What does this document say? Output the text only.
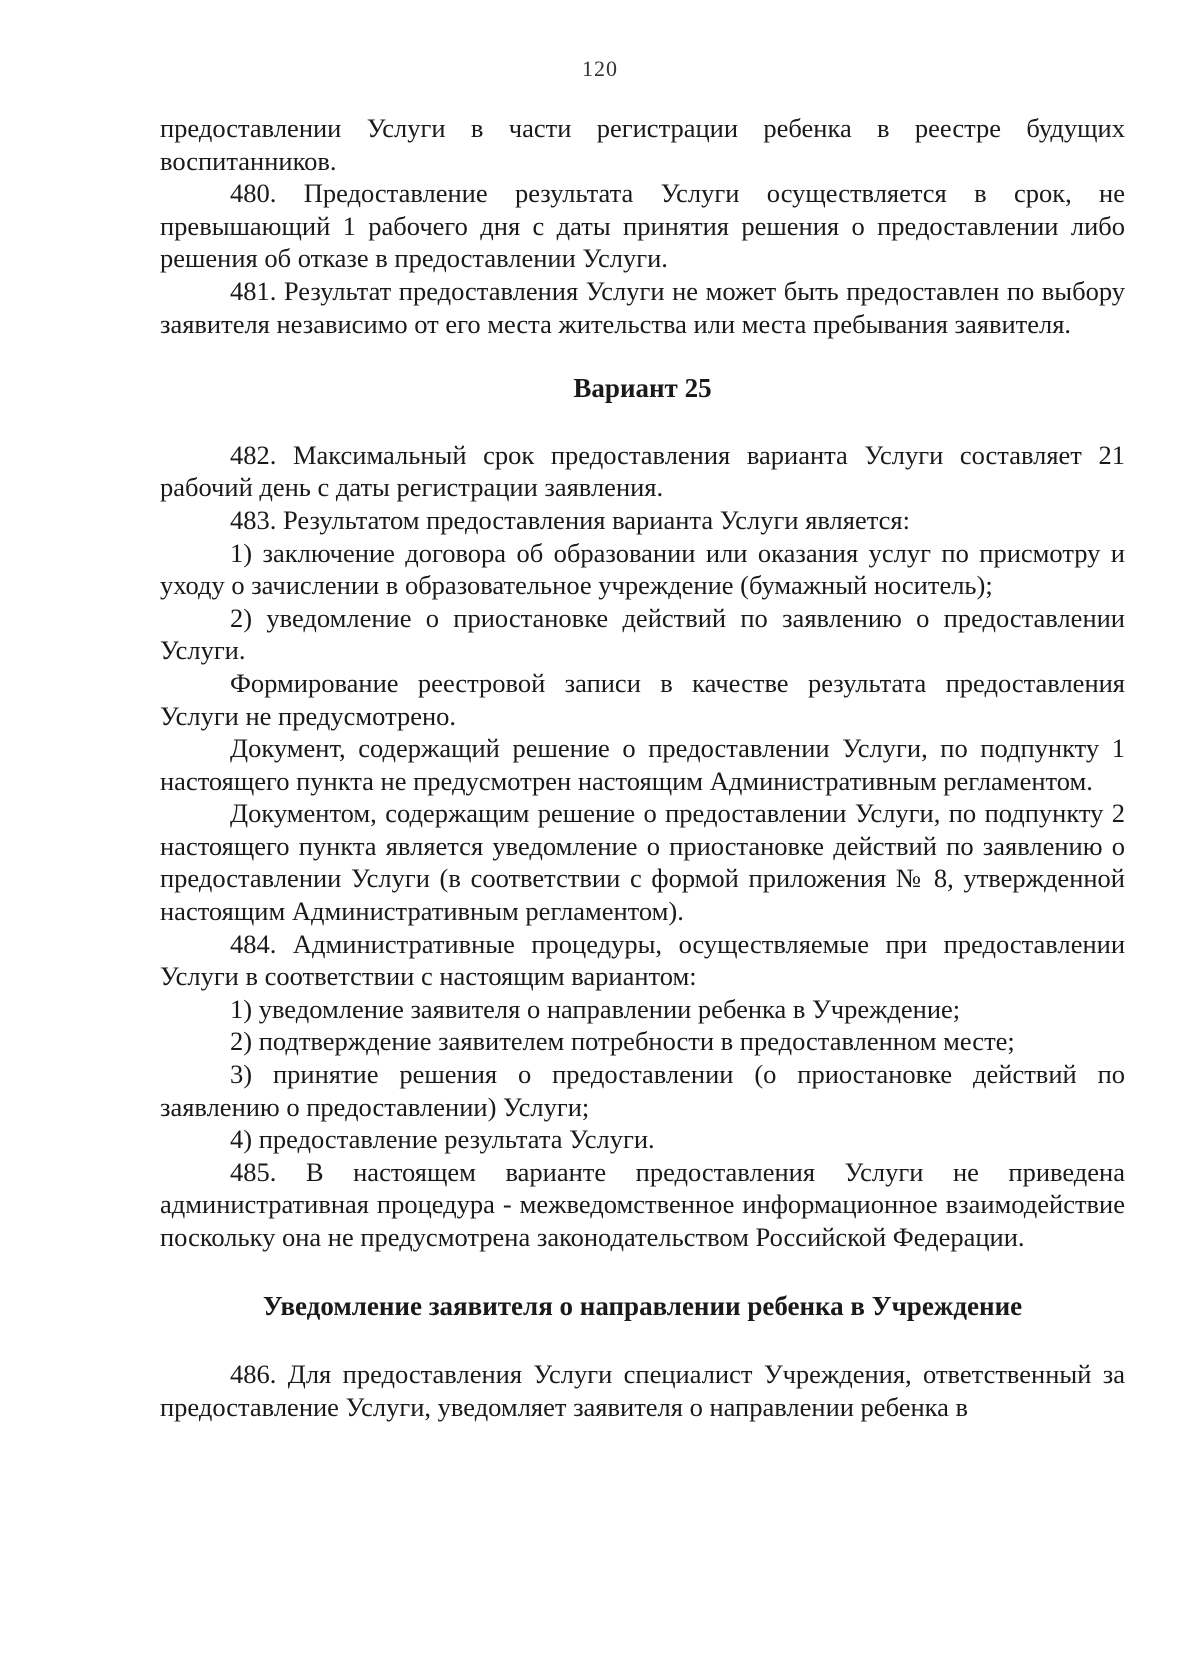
120

предоставлении Услуги в части регистрации ребенка в реестре будущих воспитанников.

480. Предоставление результата Услуги осуществляется в срок, не превышающий 1 рабочего дня с даты принятия решения о предоставлении либо решения об отказе в предоставлении Услуги.

481. Результат предоставления Услуги не может быть предоставлен по выбору заявителя независимо от его места жительства или места пребывания заявителя.

Вариант 25

482. Максимальный срок предоставления варианта Услуги составляет 21 рабочий день с даты регистрации заявления.

483. Результатом предоставления варианта Услуги является:

1) заключение договора об образовании или оказания услуг по присмотру и уходу о зачислении в образовательное учреждение (бумажный носитель);

2) уведомление о приостановке действий по заявлению о предоставлении Услуги.

Формирование реестровой записи в качестве результата предоставления Услуги не предусмотрено.

Документ, содержащий решение о предоставлении Услуги, по подпункту 1 настоящего пункта не предусмотрен настоящим Административным регламентом.

Документом, содержащим решение о предоставлении Услуги, по подпункту 2 настоящего пункта является уведомление о приостановке действий по заявлению о предоставлении Услуги (в соответствии с формой приложения № 8, утвержденной настоящим Административным регламентом).

484. Административные процедуры, осуществляемые при предоставлении Услуги в соответствии с настоящим вариантом:

1) уведомление заявителя о направлении ребенка в Учреждение;

2) подтверждение заявителем потребности в предоставленном месте;

3) принятие решения о предоставлении (о приостановке действий по заявлению о предоставлении) Услуги;

4) предоставление результата Услуги.

485. В настоящем варианте предоставления Услуги не приведена административная процедура - межведомственное информационное взаимодействие поскольку она не предусмотрена законодательством Российской Федерации.

Уведомление заявителя о направлении ребенка в Учреждение

486. Для предоставления Услуги специалист Учреждения, ответственный за предоставление Услуги, уведомляет заявителя о направлении ребенка в
